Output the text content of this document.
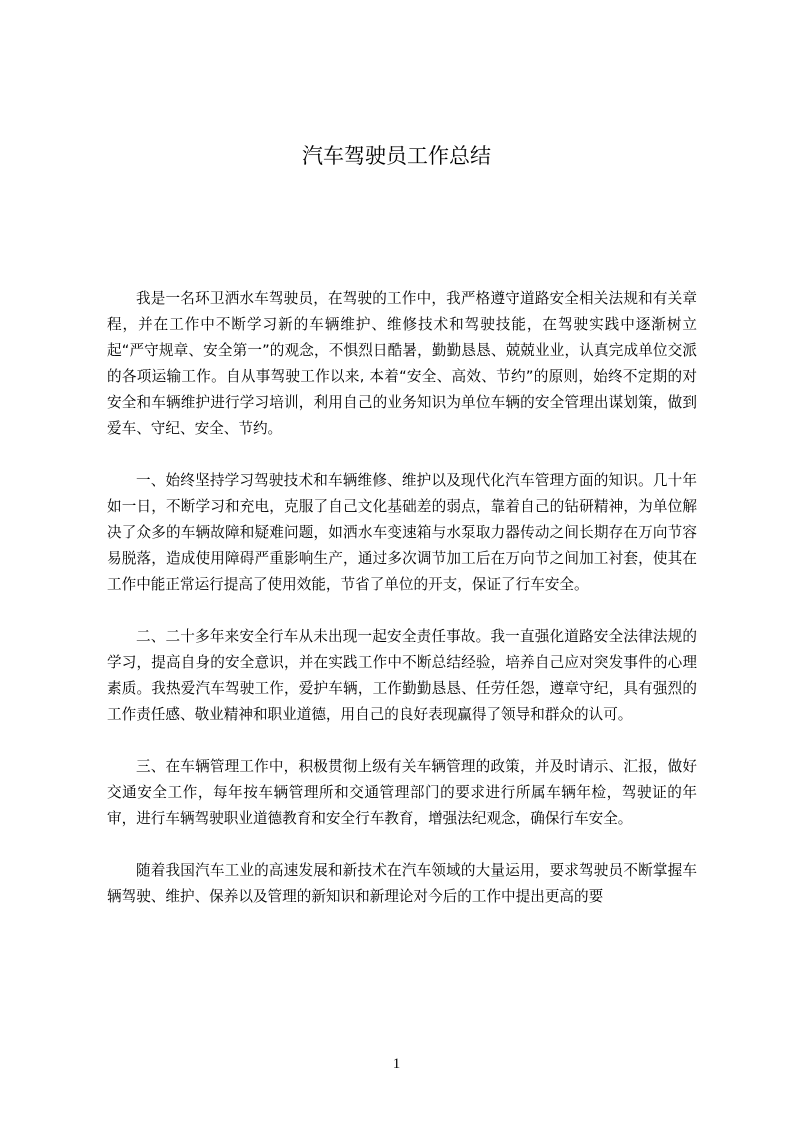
汽车驾驶员工作总结

我是一名环卫洒水车驾驶员，在驾驶的工作中，我严格遵守道路安全相关法规和有关章程，并在工作中不断学习新的车辆维护、维修技术和驾驶技能，在驾驶实践中逐渐树立起“严守规章、安全第一”的观念，不惧烈日酷暑，勤勤恳恳、兢兢业业，认真完成单位交派的各项运输工作。自从事驾驶工作以来, 本着“安全、高效、节约”的原则，始终不定期的对安全和车辆维护进行学习培训，利用自己的业务知识为单位车辆的安全管理出谋划策，做到爱车、守纪、安全、节约。

一、始终坚持学习驾驶技术和车辆维修、维护以及现代化汽车管理方面的知识。几十年如一日，不断学习和充电，克服了自己文化基础差的弱点，靠着自己的钻研精神，为单位解决了众多的车辆故障和疑难问题，如洒水车变速箱与水泵取力器传动之间长期存在万向节容易脱落，造成使用障碍严重影响生产，通过多次调节加工后在万向节之间加工衬套，使其在工作中能正常运行提高了使用效能，节省了单位的开支，保证了行车安全。

二、二十多年来安全行车从未出现一起安全责任事故。我一直强化道路安全法律法规的学习，提高自身的安全意识，并在实践工作中不断总结经验，培养自己应对突发事件的心理素质。我热爱汽车驾驶工作，爱护车辆，工作勤勤恳恳、任劳任怨，遵章守纪，具有强烈的工作责任感、敬业精神和职业道德，用自己的良好表现赢得了领导和群众的认可。

三、在车辆管理工作中，积极贯彻上级有关车辆管理的政策，并及时请示、汇报，做好交通安全工作，每年按车辆管理所和交通管理部门的要求进行所属车辆年检，驾驶证的年审，进行车辆驾驶职业道德教育和安全行车教育，增强法纪观念，确保行车安全。

随着我国汽车工业的高速发展和新技术在汽车领域的大量运用，要求驾驶员不断掌握车辆驾驶、维护、保养以及管理的新知识和新理论对今后的工作中提出更高的要

1
